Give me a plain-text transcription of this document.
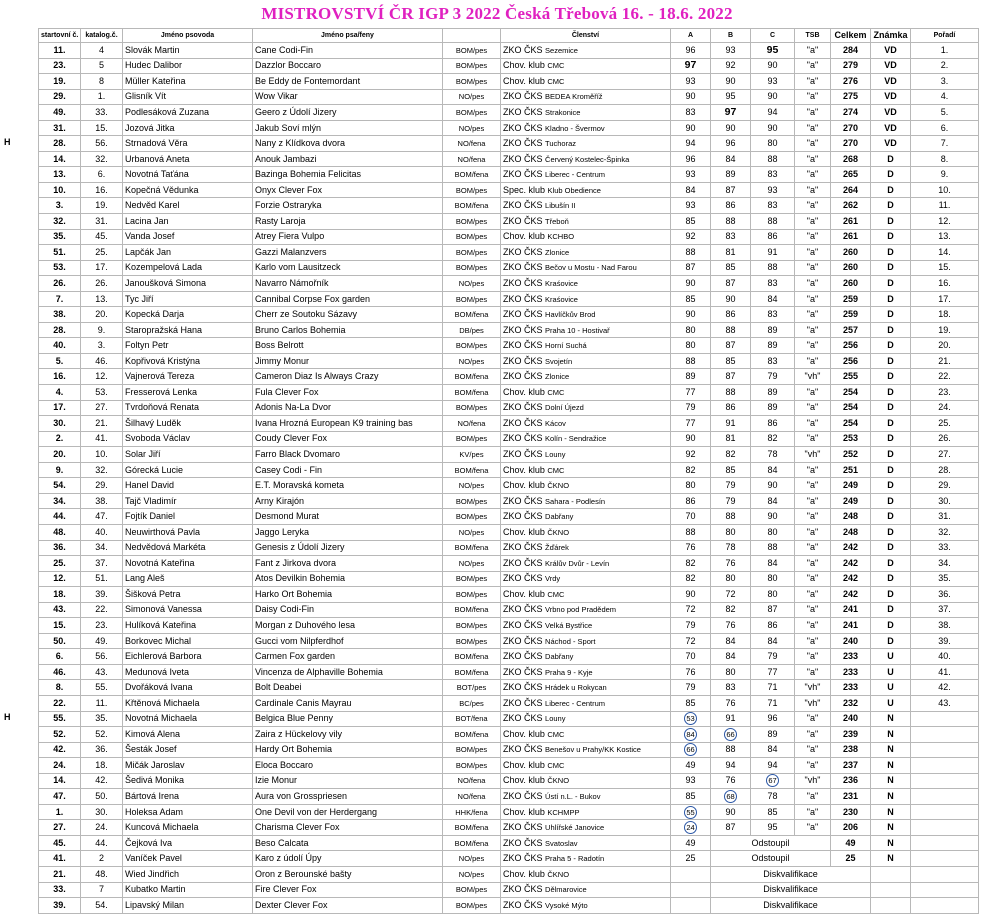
MISTROVSTVÍ ČR IGP 3 2022 Česká Třebová 16. - 18.6. 2022
startovní č.	katalog.č.	Jméno psovoda	Jméno psa/feny		Členství	A	B	C	TSB	Celkem	Známka	Pořadí	
11.	4	Slovák Martin	Cane Codi-Fin	BOM/pes	ZKO ČKS Sezemice	96	93	95	"a"	284	VD	1.	
23.	5	Hudec Dalibor	Dazzlor Boccaro	BOM/pes	Chov. klub CMC	97	92	90	"a"	279	VD	2.	
19.	8	Müller Kateřina	Be Eddy de Fontemordant	BOM/pes	Chov. klub CMC	93	90	93	"a"	276	VD	3.	
29.	1.	Glisník Vít	Wow Vikar	NO/pes	ZKO ČKS BEDEA Kroměříž	90	95	90	"a"	275	VD	4.	
49.	33.	Podlesáková Zuzana	Geero z Údolí Jizery	BOM/pes	ZKO ČKS Strakonice	83	97	94	"a"	274	VD	5.	
31.	15.	Jozová Jitka	Jakub Soví mlýn	NO/pes	ZKO ČKS Kladno - Švermov	90	90	90	"a"	270	VD	6.	
28.	56.	Strnadová Věra	Nany z Klídkova dvora	NO/fena	ZKO ČKS Tuchoraz	94	96	80	"a"	270	VD	7.	
14.	32.	Urbanová Aneta	Anouk Jambazi	NO/fena	ZKO ČKS Červený Kostelec-Špinka	96	84	88	"a"	268	D	8.	
13.	6.	Novotná Taťána	Bazinga Bohemia Felicitas	BOM/fena	ZKO ČKS Liberec - Centrum	93	89	83	"a"	265	D	9.	
10.	16.	Kopečná Vědunka	Onyx Clever Fox	BOM/pes	Spec. klub Klub Obedience	84	87	93	"a"	264	D	10.	
3.	19.	Nedvěd Karel	Forzie Ostraryka	BOM/fena	ZKO ČKS Libušín II	93	86	83	"a"	262	D	11.	
32.	31.	Lacina Jan	Rasty Laroja	BOM/pes	ZKO ČKS Třeboň	85	88	88	"a"	261	D	12.	
35.	45.	Vanda Josef	Atrey Fiera Vulpo	BOM/pes	Chov. klub KCHBO	92	83	86	"a"	261	D	13.	
51.	25.	Lapčák Jan	Gazzi Malanzvers	BOM/pes	ZKO ČKS Zlonice	88	81	91	"a"	260	D	14.	
53.	17.	Kozempelová Lada	Karlo vom Lausitzeck	BOM/pes	ZKO ČKS Bečov u Mostu - Nad Farou	87	85	88	"a"	260	D	15.	
26.	26.	Janoušková Simona	Navarro Námořník	NO/pes	ZKO ČKS Kraśovice	90	87	83	"a"	260	D	16.	
7.	13.	Tyc Jiří	Cannibal Corpse Fox garden	BOM/pes	ZKO ČKS Kraśovice	85	90	84	"a"	259	D	17.	
38.	20.	Kopecká Darja	Cherr ze Soutoku Sázavy	BOM/fena	ZKO ČKS Havlíčkův Brod	90	86	83	"a"	259	D	18.	
28.	9.	Staropražská Hana	Bruno Carlos Bohemia	DB/pes	ZKO ČKS Praha 10 - Hostivař	80	88	89	"a"	257	D	19.	
40.	3.	Foltyn Petr	Boss Belrott	BOM/pes	ZKO ČKS Horní Suchá	80	87	89	"a"	256	D	20.	
5.	46.	Kopřivová Kristýna	Jimmy Monur	NO/pes	ZKO ČKS Svojetín	88	85	83	"a"	256	D	21.	
16.	12.	Vajnerová Tereza	Cameron Diaz Is Always Crazy	BOM/fena	ZKO ČKS Zlonice	89	87	79	"vh"	255	D	22.	
4.	53.	Fresserová Lenka	Fula Clever Fox	BOM/fena	Chov. klub CMC	77	88	89	"a"	254	D	23.	
17.	27.	Tvrdoňová Renata	Adonis Na-La Dvor	BOM/pes	ZKO ČKS Dolní Újezd	79	86	89	"a"	254	D	24.	
30.	21.	Šilhavý Luděk	Ivana Hrozná European K9 training bas	NO/fena	ZKO ČKS Kácov	77	91	86	"a"	254	D	25.	
2.	41.	Svoboda Václav	Coudy Clever Fox	BOM/pes	ZKO ČKS Kolín - Sendražice	90	81	82	"a"	253	D	26.	
20.	10.	Solar Jiří	Farro Black Dvomaro	KV/pes	ZKO ČKS Louny	92	82	78	"vh"	252	D	27.	
9.	32.	Górecká Lucie	Casey Codi - Fin	BOM/fena	Chov. klub CMC	82	85	84	"a"	251	D	28.	
54.	29.	Hanel David	E.T. Moravská kometa	NO/pes	Chov. klub ČKNO	80	79	90	"a"	249	D	29.	
34.	38.	Tajč Vladimír	Arny Kirajón	BOM/pes	ZKO ČKS Sahara - Podlesín	86	79	84	"a"	249	D	30.	
44.	47.	Fojtík Daniel	Desmond Murat	BOM/pes	ZKO ČKS Dabřany	70	88	90	"a"	248	D	31.	
48.	40.	Neuwirthová Pavla	Jaggo Leryka	NO/pes	Chov. klub ČKNO	88	80	80	"a"	248	D	32.	
36.	34.	Nedvědová Markéta	Genesis z Údolí Jizery	BOM/fena	ZKO ČKS Žďárek	76	78	88	"a"	242	D	33.	
25.	37.	Novotná Kateřina	Fant z Jirkova dvora	NO/pes	ZKO ČKS Králův Dvůr - Levín	82	76	84	"a"	242	D	34.	
12.	51.	Lang Aleš	Atos Devilkin Bohemia	BOM/pes	ZKO ČKS Vrdy	82	80	80	"a"	242	D	35.	
18.	39.	Šišková Petra	Harko Ort Bohemia	BOM/pes	Chov. klub CMC	90	72	80	"a"	242	D	36.	
43.	22.	Simonová Vanessa	Daisy Codi-Fin	BOM/fena	ZKO ČKS Vrbno pod Pradědem	72	82	87	"a"	241	D	37.	
15.	23.	Hulíková Kateřina	Morgan z Duhového lesa	BOM/pes	ZKO ČKS Velká Bystřice	79	76	86	"a"	241	D	38.	
50.	49.	Borkovec Michal	Gucci vom Nilpferdhof	BOM/pes	ZKO ČKS Náchod - Sport	72	84	84	"a"	240	D	39.	
6.	56.	Eichlerová Barbora	Carmen Fox garden	BOM/fena	ZKO ČKS Dabřany	70	84	79	"a"	233	U	40.	
46.	43.	Medunová Iveta	Vincenza de Alphaville Bohemia	BOM/fena	ZKO ČKS Praha 9 - Kyje	76	80	77	"a"	233	U	41.	
8.	55.	Dvořáková Ivana	Bolt Deabei	BOT/pes	ZKO ČKS Hrádek u Rokycan	79	83	71	"vh"	233	U	42.	
22.	11.	Křtěnová Michaela	Cardinale Canis Mayrau	BC/pes	ZKO ČKS Liberec - Centrum	85	76	71	"vh"	232	U	43.	
55.	35.	Novotná Michaela	Belgica Blue Penny	BOT/fena	ZKO ČKS Louny	53	91	96	"a"	240	N		
52.	52.	Kimová Alena	Zaira z Hückelovy vily	BOM/fena	Chov. klub CMC	84	66	89	"a"	239	N		
42.	36.	Šesták Josef	Hardy Ort Bohemia	BOM/pes	ZKO ČKS Benešov u Prahy/KK Kostice	66	88	84	"a"	238	N		
24.	18.	Mičák Jaroslav	Eloca Boccaro	BOM/pes	Chov. klub CMC	49	94	94	"a"	237	N		
14.	42.	Šedivá Monika	Izie Monur	NO/fena	Chov. klub ČKNO	93	76	67	"vh"	236	N		
47.	50.	Bártová Irena	Aura von Grosspriesen	NO/fena	ZKO ČKS Ústí n.L. - Bukov	85	68	78	"a"	231	N		
1.	30.	Holeksa Adam	One Devil von der Herdergang	HHK/fena	Chov. klub KCHMPP	55	90	85	"a"	230	N		
27.	24.	Kuncová Michaela	Charisma Clever Fox	BOM/fena	ZKO ČKS Uhlířské Janovice	24	87	95	"a"	206	N		
45.	44.	Čejková Iva	Beso Calcata	BOM/fena	ZKO ČKS Svatoslav	49	Odstoupil			49	N		
41.	2	Vaníček Pavel	Karo z údolí Úpy	NO/pes	ZKO ČKS Praha 5 - Radotín	25	Odstoupil			25	N		
21.	48.	Wied Jindřich	Oron z Berounské bašty	NO/pes	Chov. klub ČKNO		Diskvalifikace						
33.	7	Kubatko Martin	Fire Clever Fox	BOM/pes	ZKO ČKS Dělmarovice		Diskvalifikace						
39.	54.	Lipavský Milan	Dexter Clever Fox	BOM/pes	ZKO ČKS Vysoké Mýto		Diskvalifikace						
H
H
